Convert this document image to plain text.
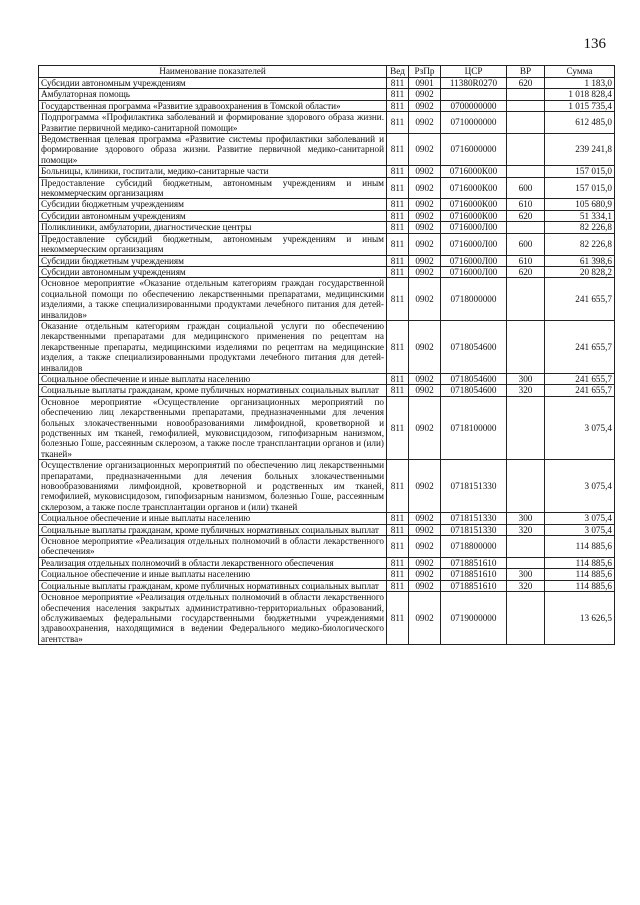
136
Наименование показателей	Вед	РзПр	ЦСР	ВР	Сумма
Субсидии автономным учреждениям	811	0901	11380R0270	620	1 183,0
Амбулаторная помощь	811	0902			1 018 828,4
Государственная программа «Развитие здравоохранения в Томской области»	811	0902	0700000000		1 015 735,4
Подпрограмма «Профилактика заболеваний и формирование здорового образа жизни. Развитие первичной медико-санитарной помощи»	811	0902	0710000000		612 485,0
Ведомственная целевая программа «Развитие системы профилактики заболеваний и формирование здорового образа жизни. Развитие первичной медико-санитарной помощи»	811	0902	0716000000		239 241,8
Больницы, клиники, госпитали, медико-санитарные части	811	0902	0716000К00		157 015,0
Предоставление субсидий бюджетным, автономным учреждениям и иным некоммерческим организациям	811	0902	0716000К00	600	157 015,0
Субсидии бюджетным учреждениям	811	0902	0716000К00	610	105 680,9
Субсидии автономным учреждениям	811	0902	0716000К00	620	51 334,1
Поликлиники, амбулатории, диагностические центры	811	0902	0716000Л00		82 226,8
Предоставление субсидий бюджетным, автономным учреждениям и иным некоммерческим организациям	811	0902	0716000Л00	600	82 226,8
Субсидии бюджетным учреждениям	811	0902	0716000Л00	610	61 398,6
Субсидии автономным учреждениям	811	0902	0716000Л00	620	20 828,2
Основное мероприятие «Оказание отдельным категориям граждан государственной социальной помощи по обеспечению лекарственными препаратами, медицинскими изделиями, а также специализированными продуктами лечебного питания для детей-инвалидов»	811	0902	0718000000		241 655,7
Оказание отдельным категориям граждан социальной услуги по обеспечению лекарственными препаратами для медицинского применения по рецептам на лекарственные препараты, медицинскими изделиями по рецептам на медицинские изделия, а также специализированными продуктами лечебного питания для детей-инвалидов	811	0902	0718054600		241 655,7
Социальное обеспечение и иные выплаты населению	811	0902	0718054600	300	241 655,7
Социальные выплаты гражданам, кроме публичных нормативных социальных выплат	811	0902	0718054600	320	241 655,7
Основное мероприятие «Осуществление организационных мероприятий по обеспечению лиц лекарственными препаратами, предназначенными для лечения больных злокачественными новообразованиями лимфоидной, кроветворной и родственных им тканей, гемофилией, муковисцидозом, гипофизарным нанизмом, болезнью Гоше, рассеянным склерозом, а также после трансплантации органов и (или) тканей»	811	0902	0718100000		3 075,4
Осуществление организационных мероприятий по обеспечению лиц лекарственными препаратами, предназначенными для лечения больных злокачественными новообразованиями лимфоидной, кроветворной и родственных им тканей, гемофилией, муковисцидозом, гипофизарным нанизмом, болезнью Гоше, рассеянным склерозом, а также после трансплантации органов и (или) тканей	811	0902	0718151330		3 075,4
Социальное обеспечение и иные выплаты населению	811	0902	0718151330	300	3 075,4
Социальные выплаты гражданам, кроме публичных нормативных социальных выплат	811	0902	0718151330	320	3 075,4
Основное мероприятие «Реализация отдельных полномочий в области лекарственного обеспечения»	811	0902	0718800000		114 885,6
Реализация отдельных полномочий в области лекарственного обеспечения	811	0902	0718851610		114 885,6
Социальное обеспечение и иные выплаты населению	811	0902	0718851610	300	114 885,6
Социальные выплаты гражданам, кроме публичных нормативных социальных выплат	811	0902	0718851610	320	114 885,6
Основное мероприятие «Реализация отдельных полномочий в области лекарственного обеспечения населения закрытых административно-территориальных образований, обслуживаемых федеральными государственными бюджетными учреждениями здравоохранения, находящимися в ведении Федерального медико-биологического агентства»	811	0902	0719000000		13 626,5
